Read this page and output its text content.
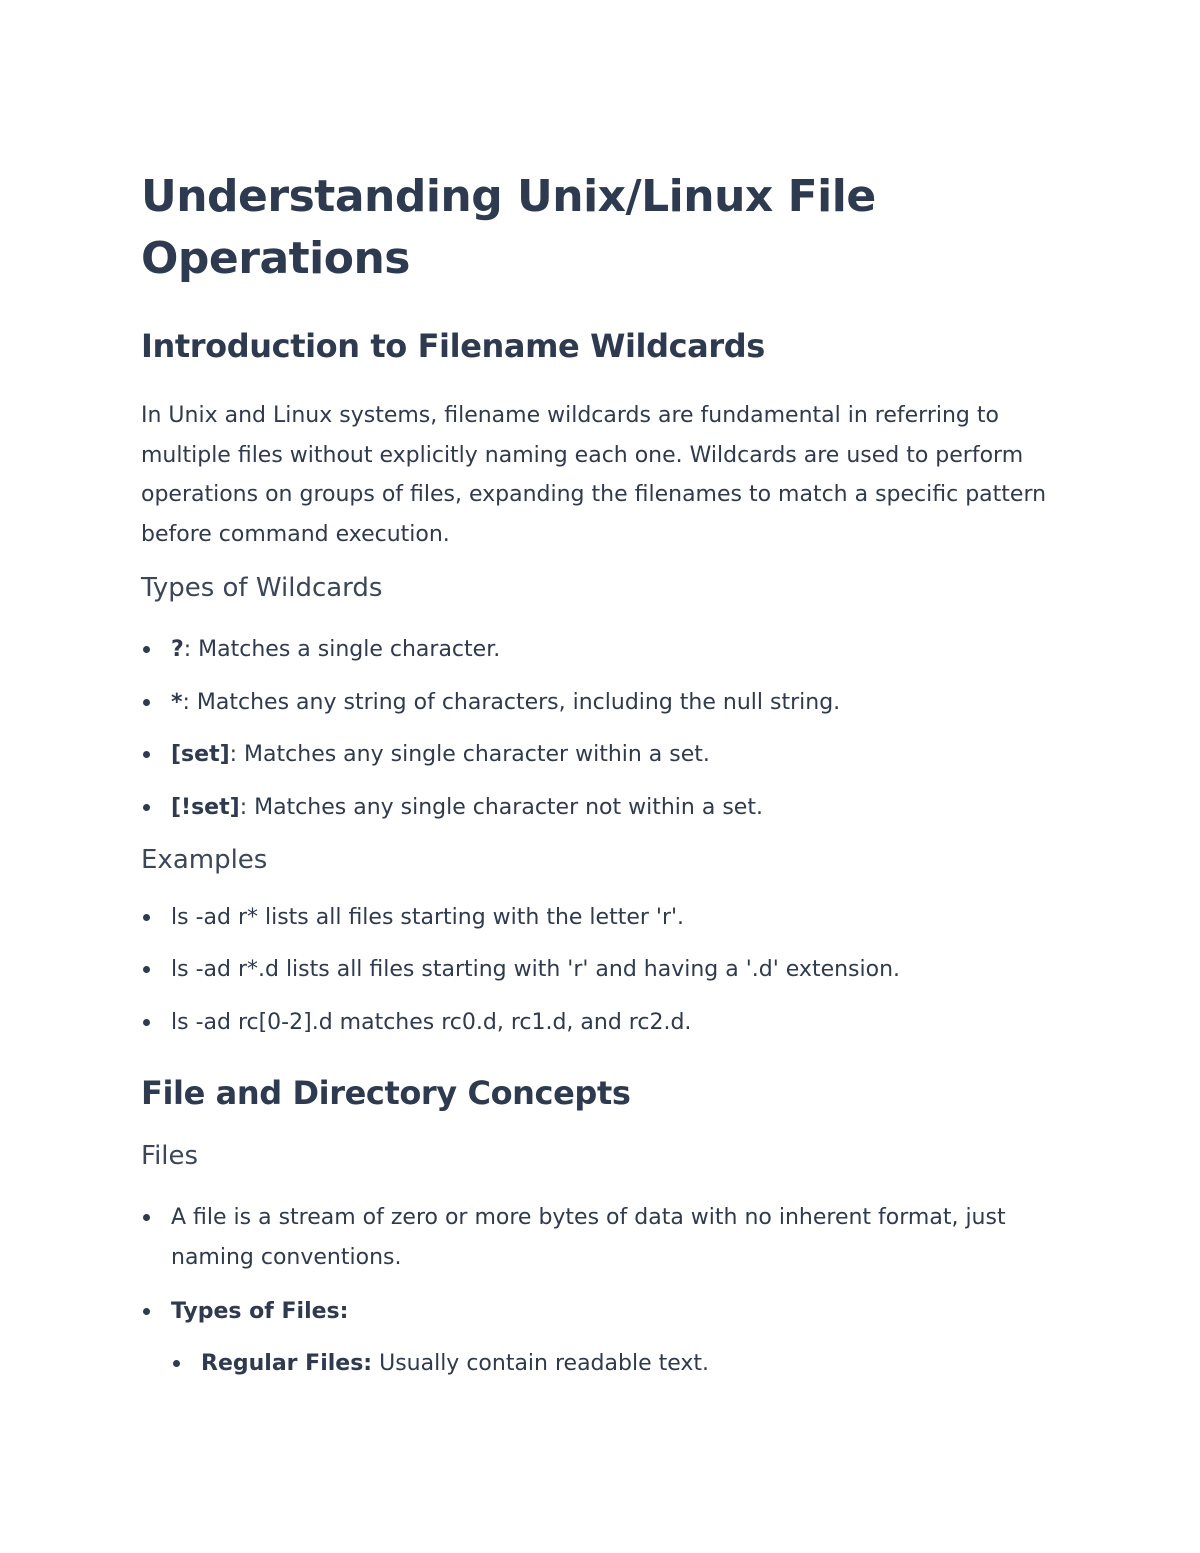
Understanding Unix/Linux File Operations
Introduction to Filename Wildcards

In Unix and Linux systems, filename wildcards are fundamental in referring to multiple files without explicitly naming each one. Wildcards are used to perform operations on groups of files, expanding the filenames to match a specific pattern before command execution.

Types of Wildcards
?: Matches a single character.
*: Matches any string of characters, including the null string.
[set]: Matches any single character within a set.
[!set]: Matches any single character not within a set.
Examples
ls -ad r* lists all files starting with the letter 'r'.
ls -ad r*.d lists all files starting with 'r' and having a '.d' extension.
ls -ad rc[0-2].d matches rc0.d, rc1.d, and rc2.d.
File and Directory Concepts
Files
A file is a stream of zero or more bytes of data with no inherent format, just naming conventions.
Types of Files:
Regular Files: Usually contain readable text.
